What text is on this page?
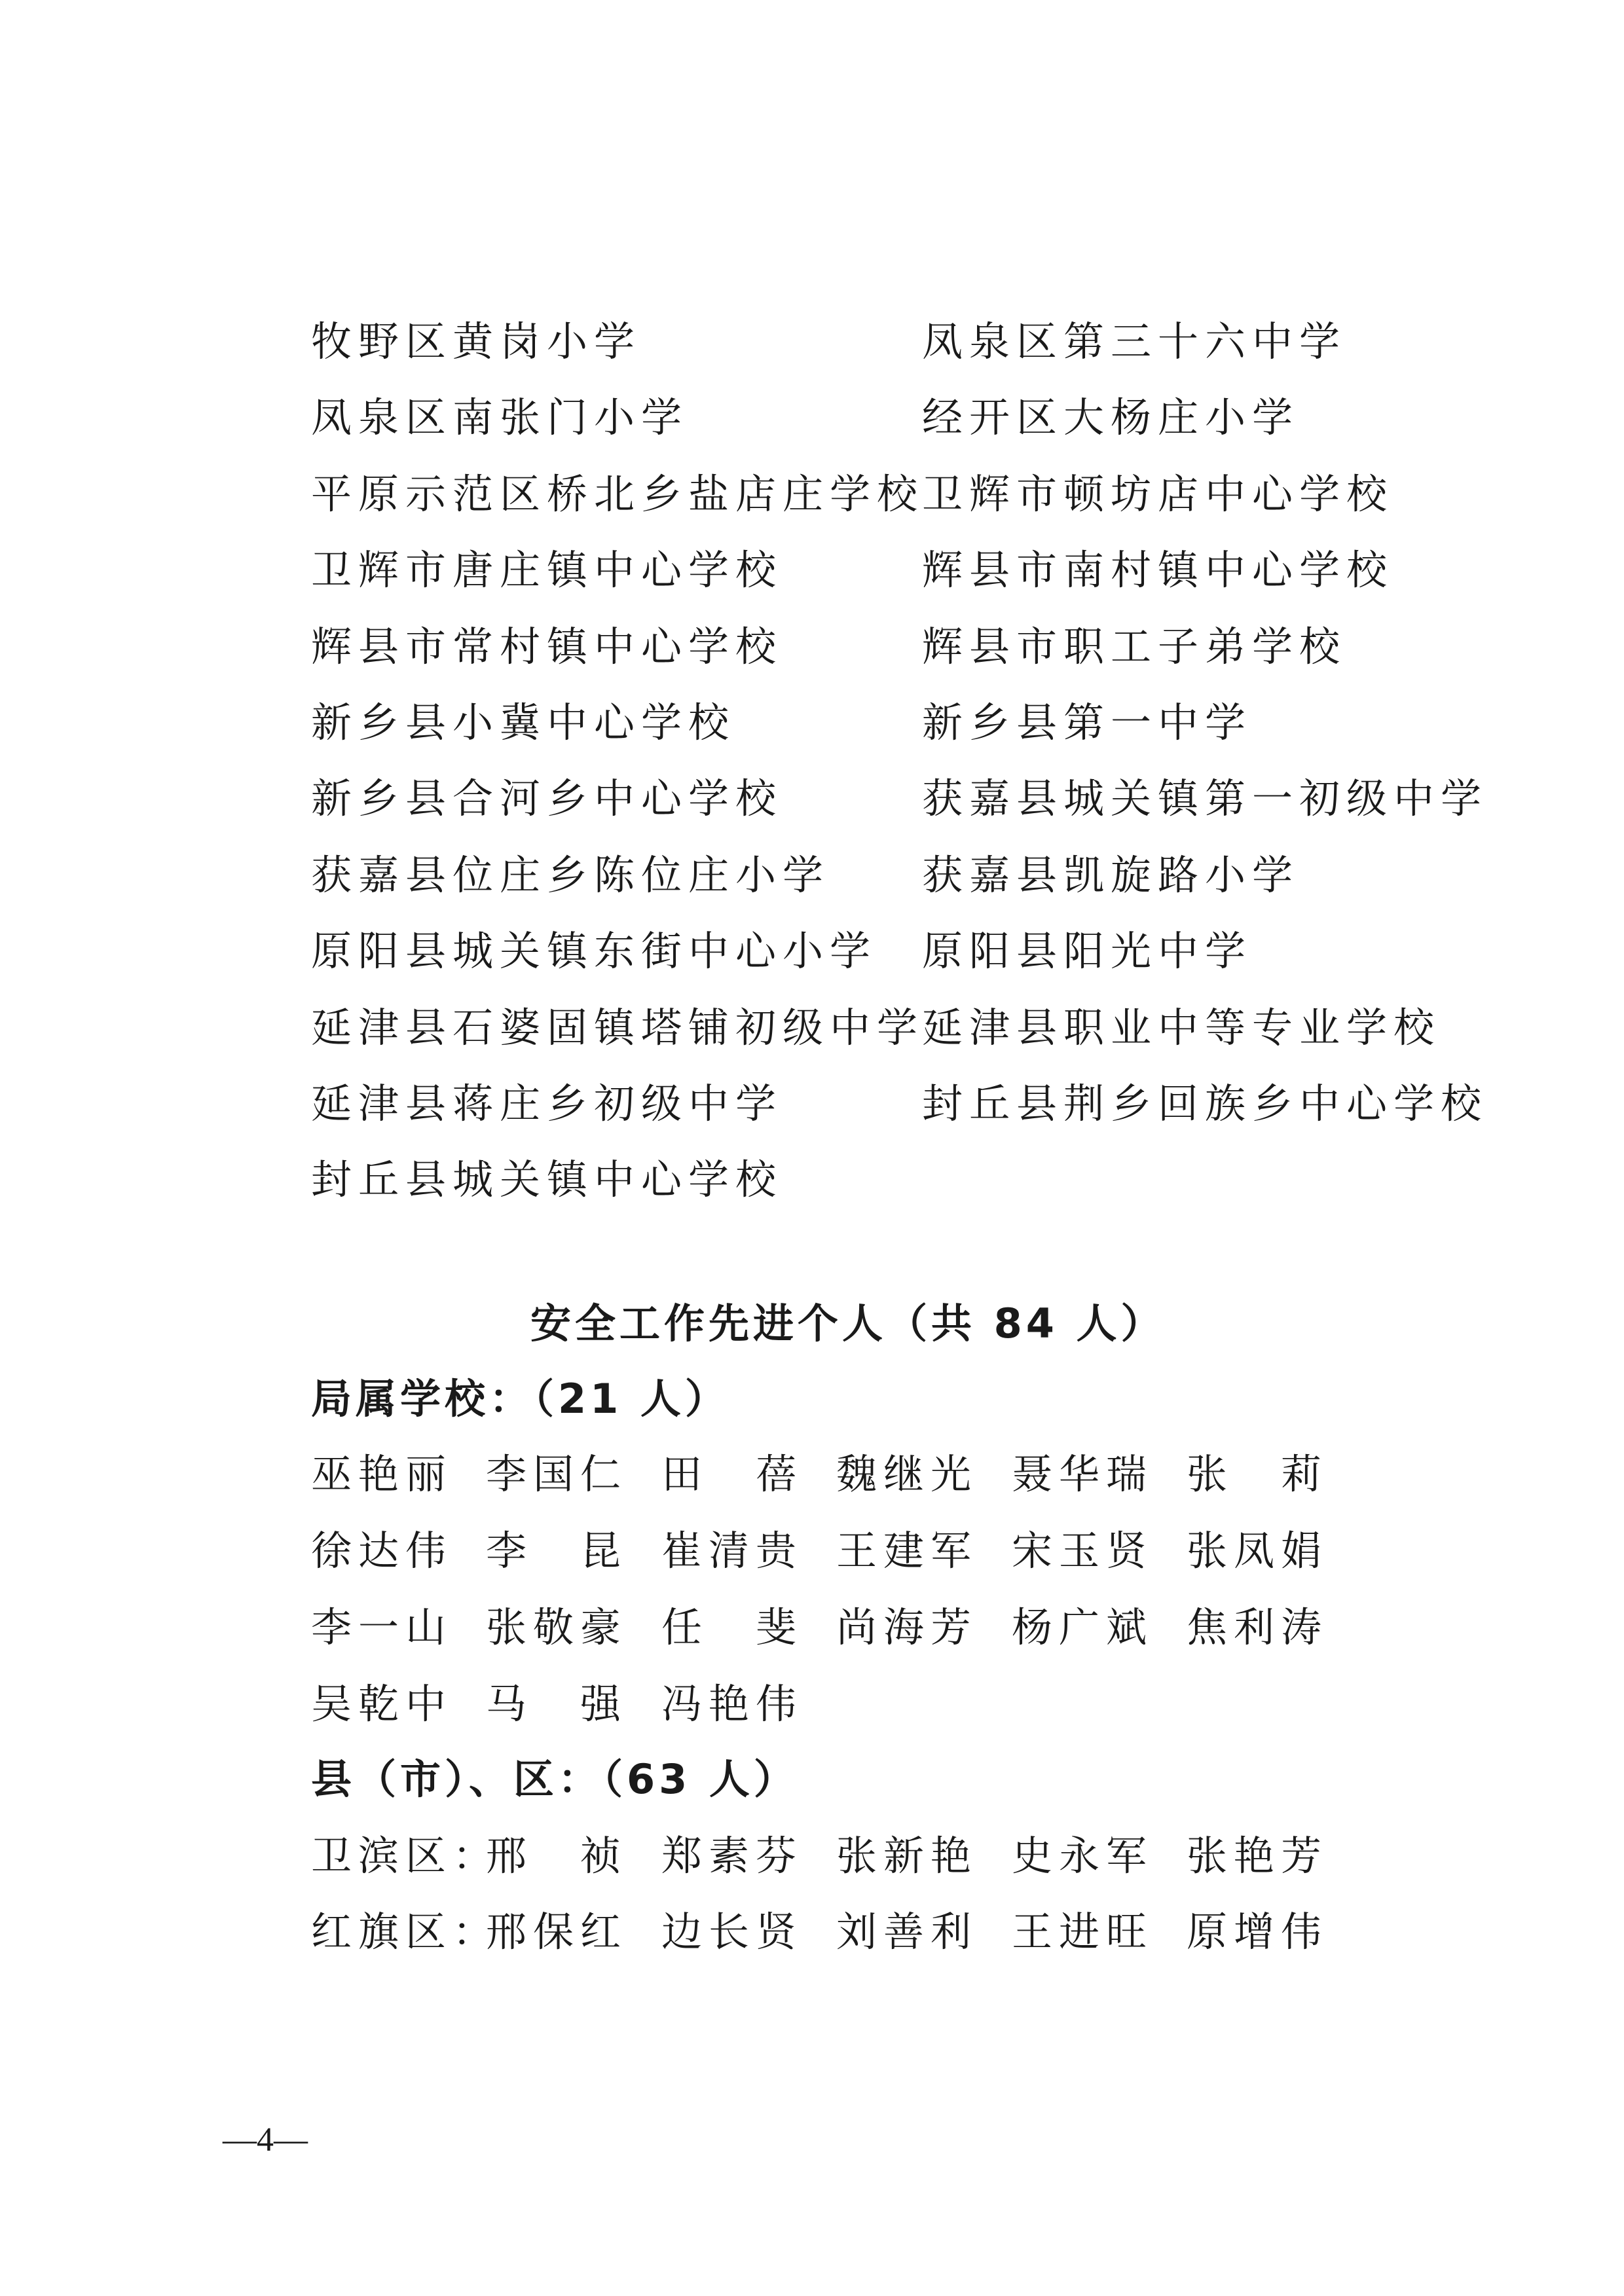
牧野区黄岗小学
凤泉区南张门小学
平原示范区桥北乡盐店庄学校
卫辉市唐庄镇中心学校
辉县市常村镇中心学校
新乡县小冀中心学校
新乡县合河乡中心学校
获嘉县位庄乡陈位庄小学
原阳县城关镇东街中心小学
延津县石婆固镇塔铺初级中学
延津县蒋庄乡初级中学
封丘县城关镇中心学校
凤泉区第三十六中学
经开区大杨庄小学
卫辉市顿坊店中心学校
辉县市南村镇中心学校
辉县市职工子弟学校
新乡县第一中学
获嘉县城关镇第一初级中学
获嘉县凯旋路小学
原阳县阳光中学
延津县职业中等专业学校
封丘县荆乡回族乡中心学校
安全工作先进个人（共 84 人）
局属学校：（21 人）
巫艳丽 李国仁 田　蓓 魏继光 聂华瑞 张　莉
徐达伟 李　昆 崔清贵 王建军 宋玉贤 张凤娟
李一山 张敬豪 任　斐 尚海芳 杨广斌 焦利涛
吴乾中 马　强 冯艳伟
县（市）、区：（63 人）
卫滨区：
邢　祯 郑素芬 张新艳 史永军 张艳芳
红旗区：
邢保红 边长贤 刘善利 王进旺 原增伟
—4—
